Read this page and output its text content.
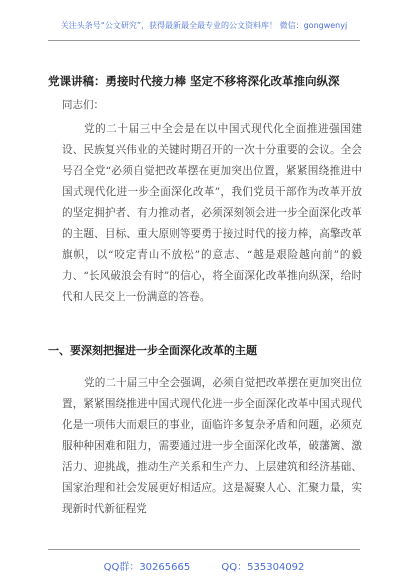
关注头条号“公文研究”，获得最新最全最专业的公文资料库！ 微信：gongwenyj
党课讲稿：勇接时代接力棒 坚定不移将深化改革推向纵深
同志们：

党的二十届三中全会是在以中国式现代化全面推进强国建设、民族复兴伟业的关键时期召开的一次十分重要的会议。全会号召全党“必须自觉把改革摆在更加突出位置，紧紧围绕推进中国式现代化进一步全面深化改革”，我们党员干部作为改革开放的坚定拥护者、有力推动者，必须深刻领会进一步全面深化改革的主题、目标、重大原则等要勇于接过时代的接力棒，高擎改革旗帜，以“咬定青山不放松”的意志、“越是艰险越向前”的毅力、“长风破浪会有时”的信心，将全面深化改革推向纵深，给时代和人民交上一份满意的答卷。

一、要深刻把握进一步全面深化改革的主题

党的二十届三中全会强调，必须自觉把改革摆在更加突出位置，紧紧围绕推进中国式现代化进一步全面深化改革中国式现代化是一项伟大而艰巨的事业，面临许多复杂矛盾和问题，必须克服种种困难和阻力，需要通过进一步全面深化改革，破藩篱、激活力、迎挑战，推动生产关系和生产力、上层建筑和经济基础、国家治理和社会发展更好相适应。这是凝聚人心、汇聚力量，实现新时代新征程党

QQ群：30265665	QQ：535304092
